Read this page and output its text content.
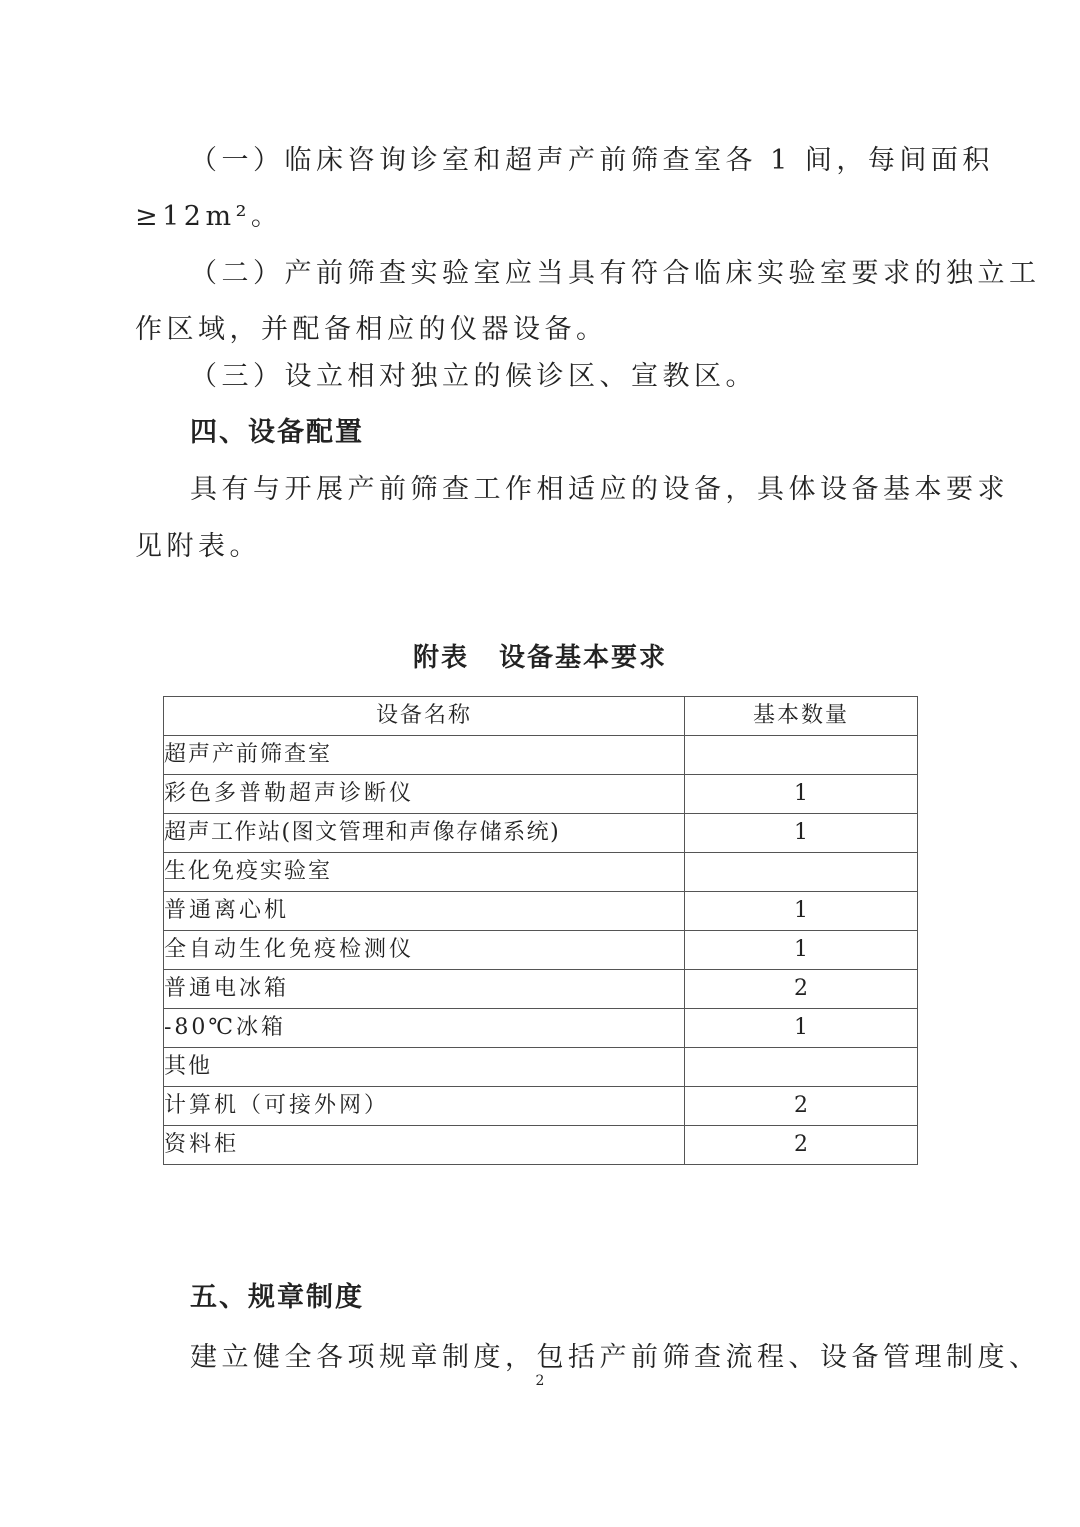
（一）临床咨询诊室和超声产前筛查室各 1 间，每间面积
≥12m²。
（二）产前筛查实验室应当具有符合临床实验室要求的独立工
作区域，并配备相应的仪器设备。
（三）设立相对独立的候诊区、宣教区。
四、设备配置
具有与开展产前筛查工作相适应的设备，具体设备基本要求
见附表。
附表 设备基本要求
设备名称	基本数量
超声产前筛查室	
彩色多普勒超声诊断仪	1
超声工作站(图文管理和声像存储系统)	1
生化免疫实验室	
普通离心机	1
全自动生化免疫检测仪	1
普通电冰箱	2
-80℃冰箱	1
其他	
计算机（可接外网）	2
资料柜	2
五、规章制度
建立健全各项规章制度，包括产前筛查流程、设备管理制度、
2
